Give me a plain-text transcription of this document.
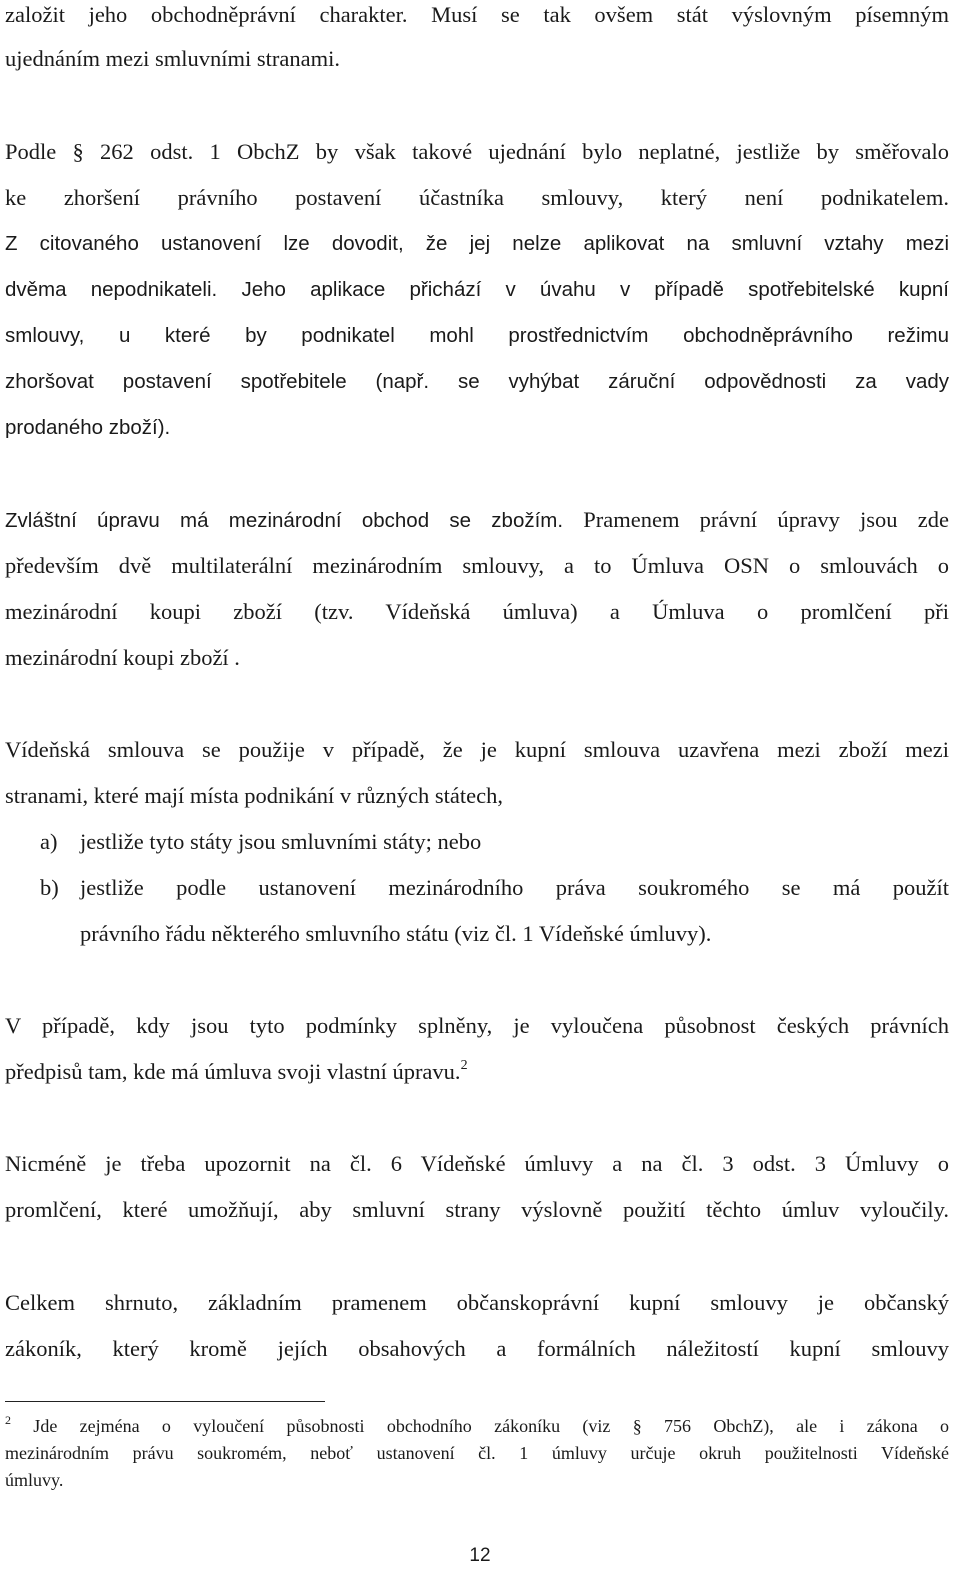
založit jeho obchodněprávní charakter. Musí se tak ovšem stát výslovným písemným
ujednáním mezi smluvními stranami.
Podle § 262 odst. 1 ObchZ by však takové ujednání bylo neplatné, jestliže by směřovalo
ke zhoršení právního postavení účastníka smlouvy, který není podnikatelem.
Z citovaného ustanovení lze dovodit, že jej nelze aplikovat na smluvní vztahy mezi
dvěma nepodnikateli. Jeho aplikace přichází v úvahu v případě spotřebitelské kupní
smlouvy, u které by podnikatel mohl prostřednictvím obchodněprávního režimu
zhoršovat postavení spotřebitele (např. se vyhýbat záruční odpovědnosti za vady
prodaného zboží).
Zvláštní úpravu má mezinárodní obchod se zbožím. Pramenem právní úpravy jsou zde
především dvě multilaterální mezinárodním smlouvy, a to Úmluva OSN o smlouvách o
mezinárodní koupi zboží (tzv. Vídeňská úmluva) a Úmluva o promlčení při
mezinárodní koupi zboží .
Vídeňská smlouva se použije v případě, že je kupní smlouva uzavřena mezi zboží mezi
stranami, které mají místa podnikání v různých státech,
a) jestliže tyto státy jsou smluvními státy; nebo
b) jestliže podle ustanovení mezinárodního práva soukromého se má použít
právního řádu některého smluvního státu (viz čl. 1 Vídeňské úmluvy).
V případě, kdy jsou tyto podmínky splněny, je vyloučena působnost českých právních
předpisů tam, kde má úmluva svoji vlastní úpravu.$^2$
Nicméně je třeba upozornit na čl. 6 Vídeňské úmluvy a na čl. 3 odst. 3 Úmluvy o
promlčení, které umožňují, aby smluvní strany výslovně použití těchto úmluv vyloučily.
Celkem shrnuto, základním pramenem občanskoprávní kupní smlouvy je občanský
zákoník, který kromě jejích obsahových a formálních náležitostí kupní smlouvy
$^2$ Jde zejména o vyloučení působnosti obchodního zákoníku (viz § 756 ObchZ), ale i zákona o
mezinárodním právu soukromém, neboť ustanovení čl. 1 úmluvy určuje okruh použitelnosti Vídeňské
úmluvy.
12
